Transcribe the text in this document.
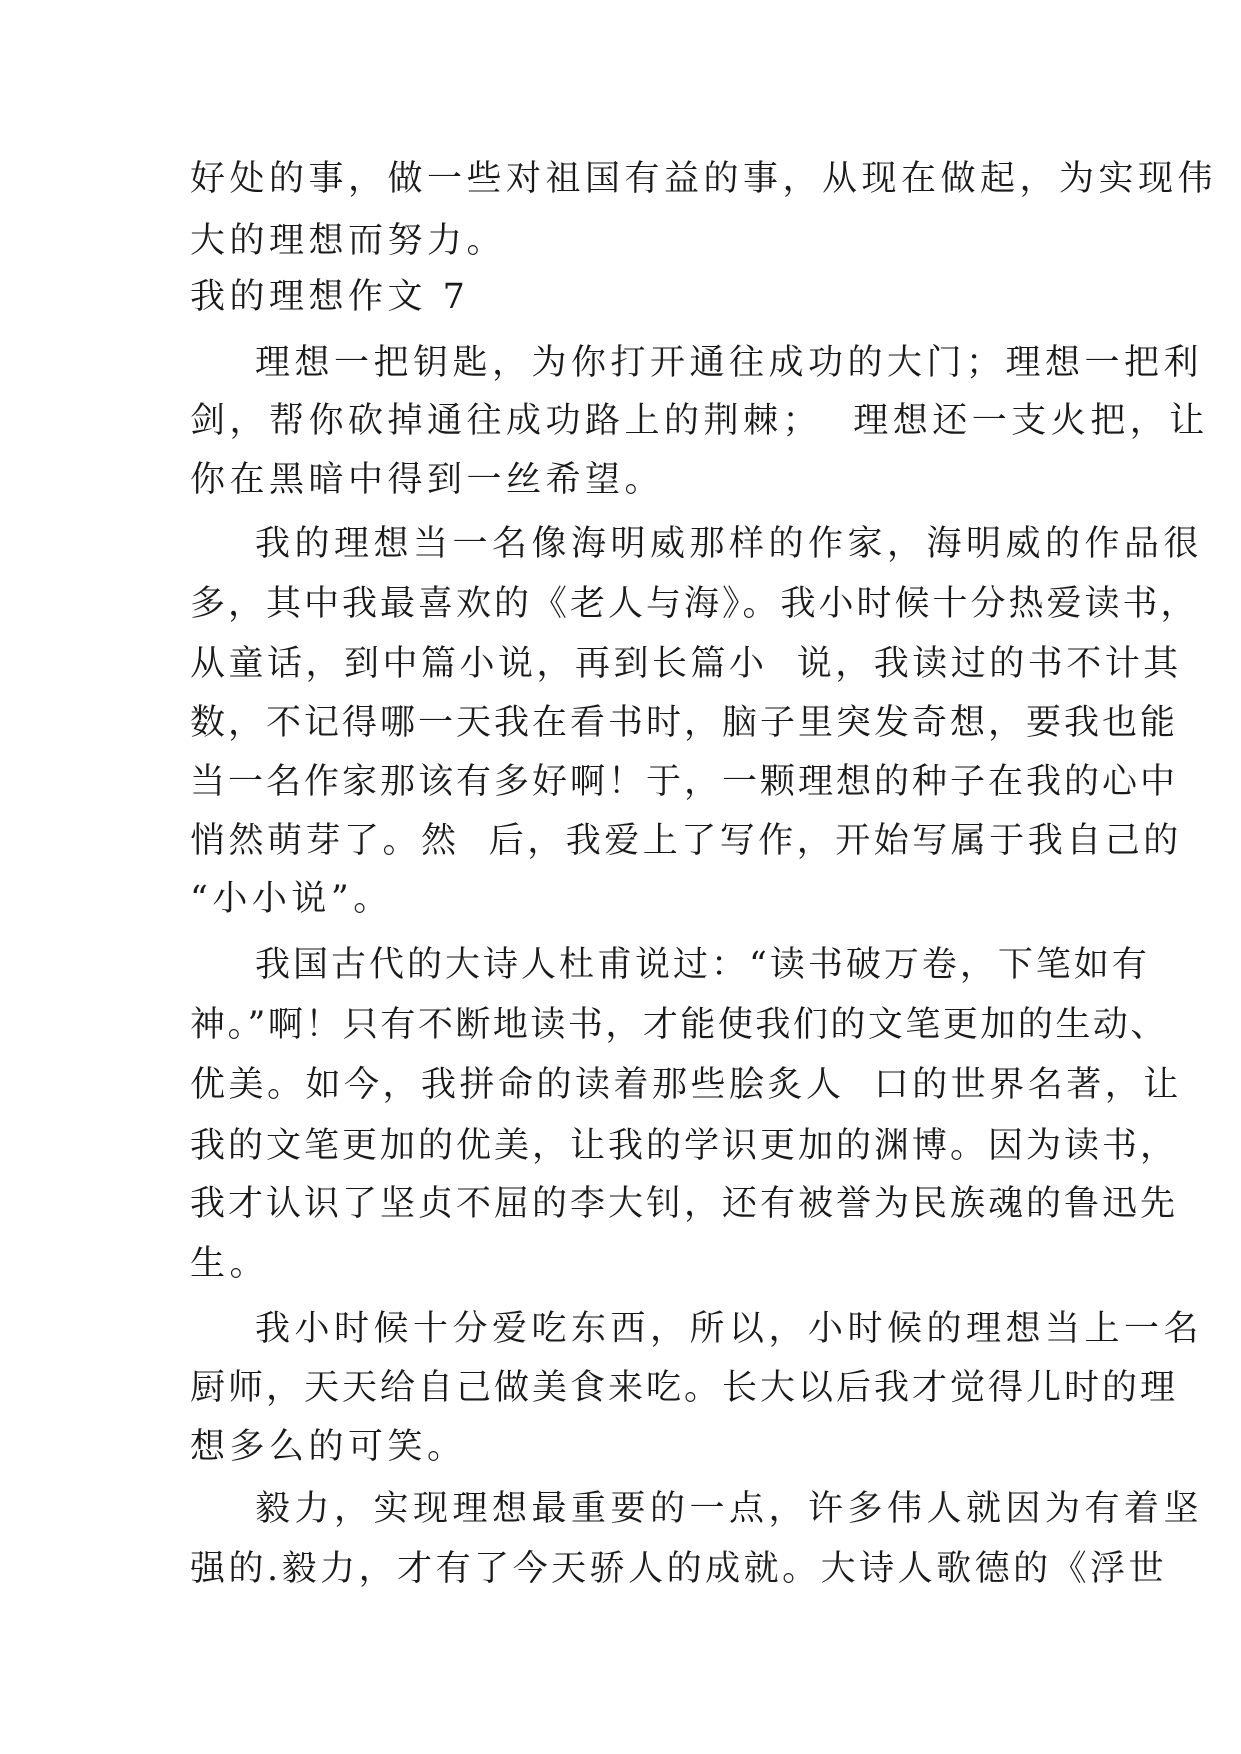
好处的事，做一些对祖国有益的事，从现在做起，为实现伟
大的理想而努力。
我的理想作文 7
理想一把钥匙，为你打开通往成功的大门；理想一把利
剑，帮你砍掉通往成功路上的荆棘；  理想还一支火把，让
你在黑暗中得到一丝希望。
我的理想当一名像海明威那样的作家，海明威的作品很
多，其中我最喜欢的《老人与海》。我小时候十分热爱读书，
从童话，到中篇小说，再到长篇小  说，我读过的书不计其
数，不记得哪一天我在看书时，脑子里突发奇想，要我也能
当一名作家那该有多好啊！于，一颗理想的种子在我的心中
悄然萌芽了。然  后，我爱上了写作，开始写属于我自己的
“小小说”。
我国古代的大诗人杜甫说过：“读书破万卷，下笔如有
神。”啊！只有不断地读书，才能使我们的文笔更加的生动、
优美。如今，我拼命的读着那些脍炙人  口的世界名著，让
我的文笔更加的优美，让我的学识更加的渊博。因为读书，
我才认识了坚贞不屈的李大钊，还有被誉为民族魂的鲁迅先
生。
我小时候十分爱吃东西，所以，小时候的理想当上一名
厨师，天天给自己做美食来吃。长大以后我才觉得儿时的理
想多么的可笑。
毅力，实现理想最重要的一点，许多伟人就因为有着坚
强的.毅力，才有了今天骄人的成就。大诗人歌德的《浮世
